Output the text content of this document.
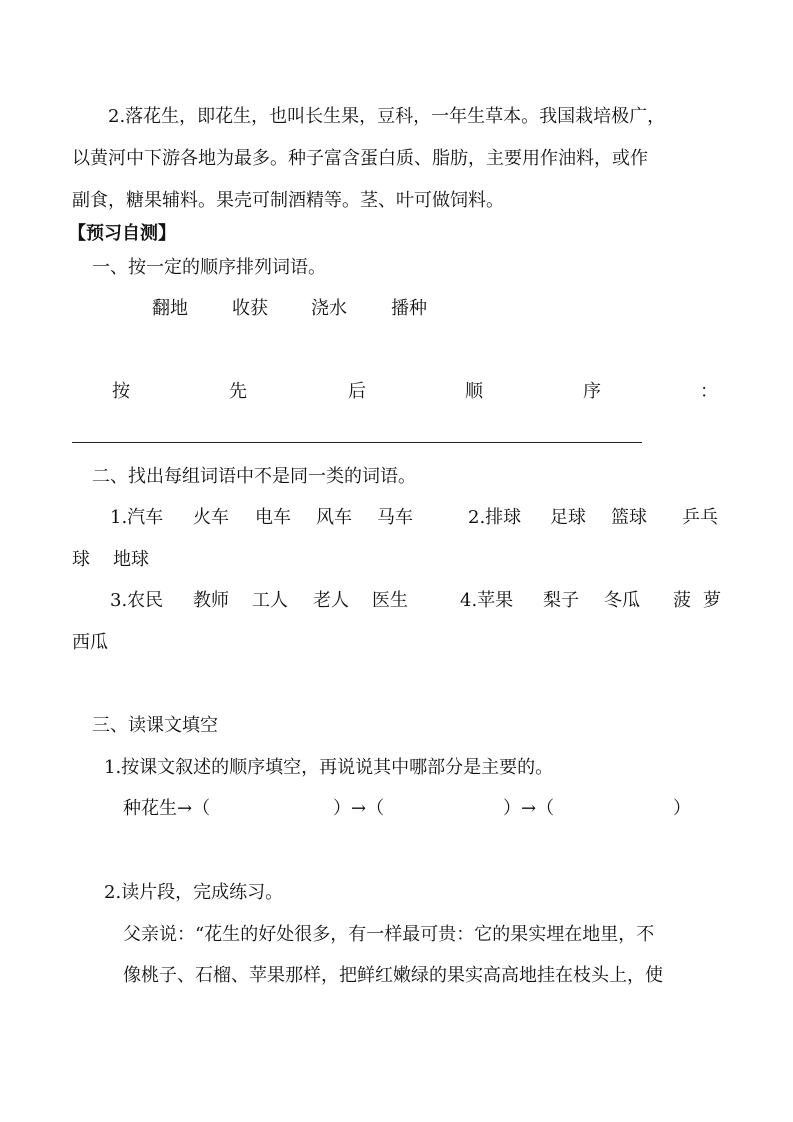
2.落花生，即花生，也叫长生果，豆科，一年生草本。我国栽培极广，
以黄河中下游各地为最多。种子富含蛋白质、脂肪，主要用作油料，或作
副食，糖果辅料。果壳可制酒精等。茎、叶可做饲料。
【预习自测】
一、按一定的顺序排列词语。
翻地 收获 浇水 播种
按	先	后	顺	序	：
二、找出每组词语中不是同一类的词语。
1.汽车 火车 电车 风车 马车	2.排球 足球 篮球 乒乓
球 地球
3.农民 教师 工人 老人 医生	4.苹果 梨子 冬瓜 菠 萝
西瓜
三、读课文填空
1.按课文叙述的顺序填空，再说说其中哪部分是主要的。
种花生→（	）→（	）→（	）
2.读片段，完成练习。
父亲说：“花生的好处很多，有一样最可贵：它的果实埋在地里，不
像桃子、石榴、苹果那样，把鲜红嫩绿的果实高高地挂在枝头上，使
